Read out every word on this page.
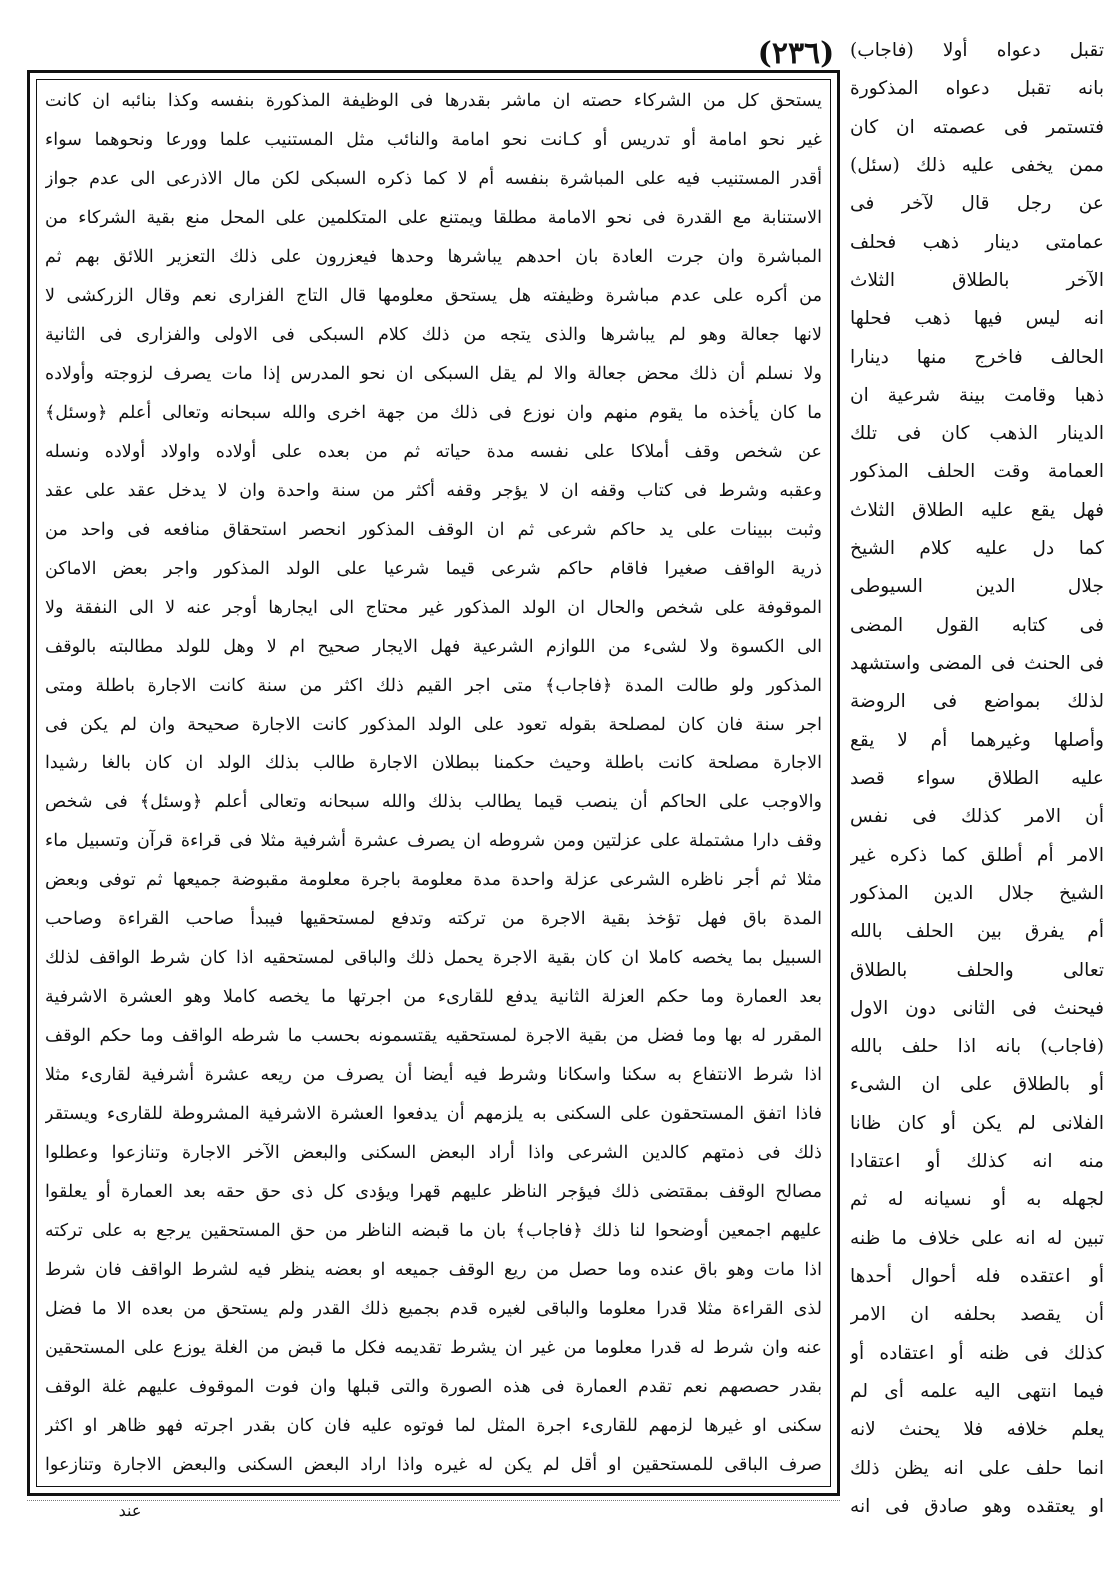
(٢٣٦)
يستحق كل من الشركاء حصته ان ماشر بقدرها فى الوظيفة المذكورة بنفسه وكذا بنائبه ان كانت
غير نحو امامة أو تدريس أو كـانت نحو امامة والنائب مثل المستنيب علما وورعا ونحوهما سواء
أقدر المستنيب فيه على المباشرة بنفسه أم لا كما ذكره السبكى لكن مال الاذرعى الى عدم جواز
الاستنابة مع القدرة فى نحو الامامة مطلقا ويمتنع على المتكلمين على المحل منع بقية الشركاء من
المباشرة وان جرت العادة بان احدهم يباشرها وحدها فيعزرون على ذلك التعزير اللائق بهم ثم
من أكره على عدم مباشرة وظيفته هل يستحق معلومها قال التاج الفزارى نعم وقال الزركشى لا
لانها جعالة وهو لم يباشرها والذى يتجه من ذلك كلام السبكى فى الاولى والفزارى فى الثانية
ولا نسلم أن ذلك محض جعالة والا لم يقل السبكى ان نحو المدرس إذا مات يصرف لزوجته وأولاده
ما كان يأخذه ما يقوم منهم وان نوزع فى ذلك من جهة اخرى والله سبحانه وتعالى أعلم ﴿وسئل﴾
عن شخص وقف أملاكا على نفسه مدة حياته ثم من بعده على أولاده واولاد أولاده ونسله
وعقبه وشرط فى كتاب وقفه ان لا يؤجر وقفه أكثر من سنة واحدة وان لا يدخل عقد على عقد
وثبت ببينات على يد حاكم شرعى ثم ان الوقف المذكور انحصر استحقاق منافعه فى واحد من
ذرية الواقف صغيرا فاقام حاكم شرعى قيما شرعيا على الولد المذكور واجر بعض الاماكن
الموقوفة على شخص والحال ان الولد المذكور غير محتاج الى ايجارها أوجر عنه لا الى النفقة ولا
الى الكسوة ولا لشىء من اللوازم الشرعية فهل الايجار صحيح ام لا وهل للولد مطالبته بالوقف
المذكور ولو طالت المدة ﴿فاجاب﴾ متى اجر القيم ذلك اكثر من سنة كانت الاجارة باطلة ومتى
اجر سنة فان كان لمصلحة بقوله تعود على الولد المذكور كانت الاجارة صحيحة وان لم يكن فى
الاجارة مصلحة كانت باطلة وحيث حكمنا ببطلان الاجارة طالب بذلك الولد ان كان بالغا رشيدا
والاوجب على الحاكم أن ينصب قيما يطالب بذلك والله سبحانه وتعالى أعلم ﴿وسئل﴾ فى شخص
وقف دارا مشتملة على عزلتين ومن شروطه ان يصرف عشرة أشرفية مثلا فى قراءة قرآن وتسبيل ماء
مثلا ثم أجر ناظره الشرعى عزلة واحدة مدة معلومة باجرة معلومة مقبوضة جميعها ثم توفى وبعض
المدة باق فهل تؤخذ بقية الاجرة من تركته وتدفع لمستحقيها فيبدأ صاحب القراءة وصاحب
السبيل بما يخصه كاملا ان كان بقية الاجرة يحمل ذلك والباقى لمستحقيه اذا كان شرط الواقف لذلك
بعد العمارة وما حكم العزلة الثانية يدفع للقارىء من اجرتها ما يخصه كاملا وهو العشرة الاشرفية
المقرر له بها وما فضل من بقية الاجرة لمستحقيه يقتسمونه بحسب ما شرطه الواقف وما حكم الوقف
اذا شرط الانتفاع به سكنا واسكانا وشرط فيه أيضا أن يصرف من ريعه عشرة أشرفية لقارىء مثلا
فاذا اتفق المستحقون على السكنى به يلزمهم أن يدفعوا العشرة الاشرفية المشروطة للقارىء ويستقر
ذلك فى ذمتهم كالدين الشرعى واذا أراد البعض السكنى والبعض الآخر الاجارة وتنازعوا وعطلوا
مصالح الوقف بمقتضى ذلك فيؤجر الناظر عليهم قهرا ويؤدى كل ذى حق حقه بعد العمارة أو يعلقوا
عليهم اجمعين أوضحوا لنا ذلك ﴿فاجاب﴾ بان ما قبضه الناظر من حق المستحقين يرجع به على تركته
اذا مات وهو باق عنده وما حصل من ريع الوقف جميعه او بعضه ينظر فيه لشرط الواقف فان شرط
لذى القراءة مثلا قدرا معلوما والباقى لغيره قدم بجميع ذلك القدر ولم يستحق من بعده الا ما فضل
عنه وان شرط له قدرا معلوما من غير ان يشرط تقديمه فكل ما قبض من الغلة يوزع على المستحقين
بقدر حصصهم نعم تقدم العمارة فى هذه الصورة والتى قبلها وان فوت الموقوف عليهم غلة الوقف
سكنى او غيرها لزمهم للقارىء اجرة المثل لما فوتوه عليه فان كان بقدر اجرته فهو ظاهر او اكثر
صرف الباقى للمستحقين او أقل لم يكن له غيره واذا اراد البعض السكنى والبعض الاجارة وتنازعوا
تقبل دعواه أولا (فاجاب)
بانه تقبل دعواه المذكورة
فتستمر فى عصمته ان كان
ممن يخفى عليه ذلك (سئل)
عن رجل قال لآخر فى
عمامتى دينار ذهب فحلف
الآخر بالطلاق الثلاث
انه ليس فيها ذهب فحلها
الحالف فاخرج منها دينارا
ذهبا وقامت بينة شرعية ان
الدينار الذهب كان فى تلك
العمامة وقت الحلف المذكور
فهل يقع عليه الطلاق الثلاث
كما دل عليه كلام الشيخ
جلال الدين السيوطى
فى كتابه القول المضى
فى الحنث فى المضى واستشهد
لذلك بمواضع فى الروضة
وأصلها وغيرهما أم لا يقع
عليه الطلاق سواء قصد
أن الامر كذلك فى نفس
الامر أم أطلق كما ذكره غير
الشيخ جلال الدين المذكور
أم يفرق بين الحلف بالله
تعالى والحلف بالطلاق
فيحنث فى الثانى دون الاول
(فاجاب) بانه اذا حلف بالله
أو بالطلاق على ان الشىء
الفلانى لم يكن أو كان ظانا
منه انه كذلك أو اعتقادا
لجهله به أو نسيانه له ثم
تبين له انه على خلاف ما ظنه
أو اعتقده فله أحوال أحدها
أن يقصد بحلفه ان الامر
كذلك فى ظنه أو اعتقاده أو
فيما انتهى اليه علمه أى لم
يعلم خلافه فلا يحنث لانه
انما حلف على انه يظن ذلك
او يعتقده وهو صادق فى انه
عند
